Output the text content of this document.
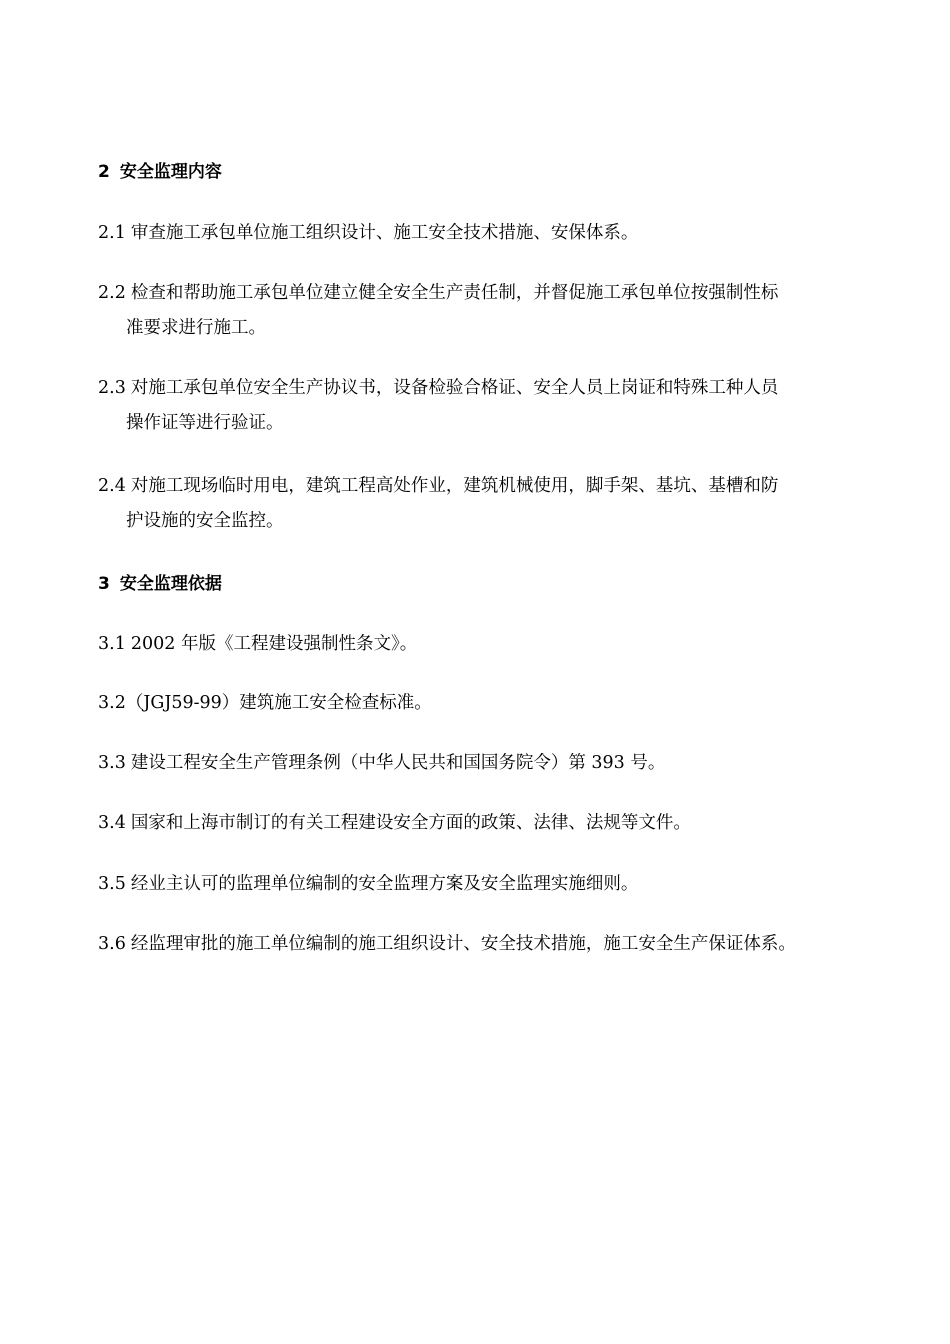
2 安全监理内容
2.1 审查施工承包单位施工组织设计、施工安全技术措施、安保体系。
2.2 检查和帮助施工承包单位建立健全安全生产责任制，并督促施工承包单位按强制性标
准要求进行施工。
2.3 对施工承包单位安全生产协议书，设备检验合格证、安全人员上岗证和特殊工种人员
操作证等进行验证。
2.4 对施工现场临时用电，建筑工程高处作业，建筑机械使用，脚手架、基坑、基槽和防
护设施的安全监控。
3 安全监理依据
3.1 2002 年版《工程建设强制性条文》。
3.2（JGJ59-99）建筑施工安全检查标准。
3.3 建设工程安全生产管理条例（中华人民共和国国务院令）第 393 号。
3.4 国家和上海市制订的有关工程建设安全方面的政策、法律、法规等文件。
3.5 经业主认可的监理单位编制的安全监理方案及安全监理实施细则。
3.6 经监理审批的施工单位编制的施工组织设计、安全技术措施，施工安全生产保证体系。
